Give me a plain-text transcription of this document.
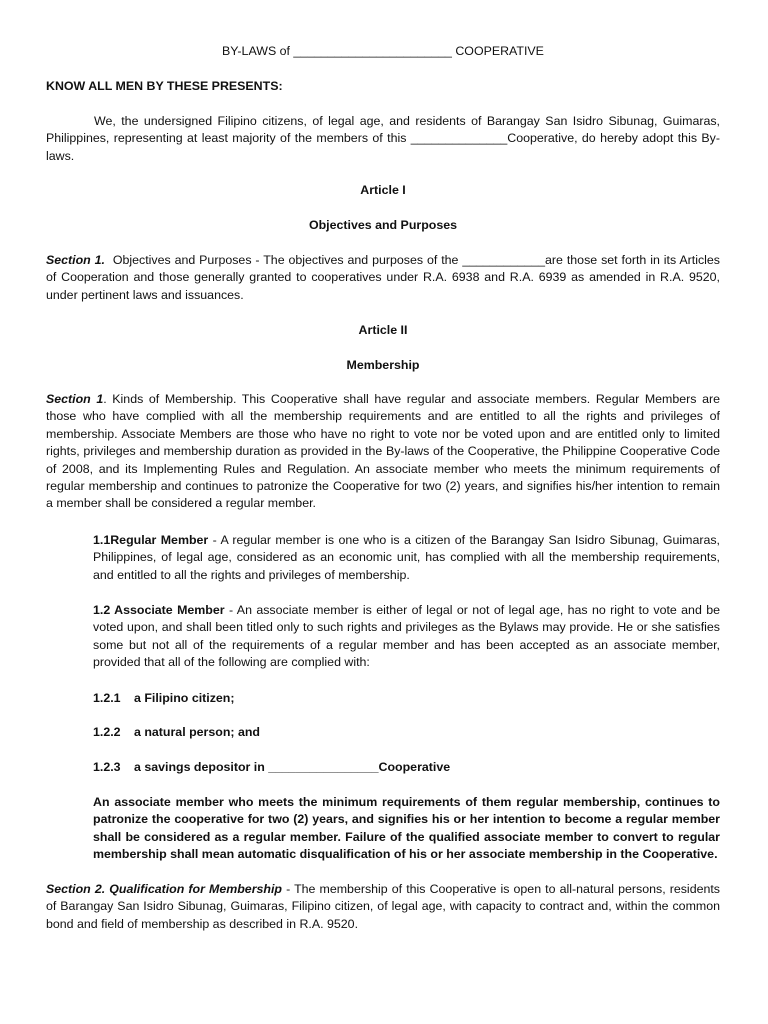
BY-LAWS of _______________________ COOPERATIVE

KNOW ALL MEN BY THESE PRESENTS:

We, the undersigned Filipino citizens, of legal age, and residents of Barangay San Isidro Sibunag, Guimaras, Philippines, representing at least majority of the members of this ______________Cooperative, do hereby adopt this By-laws.

Article I

Objectives and Purposes

Section 1. Objectives and Purposes - The objectives and purposes of the ____________are those set forth in its Articles of Cooperation and those generally granted to cooperatives under R.A. 6938 and R.A. 6939 as amended in R.A. 9520, under pertinent laws and issuances.

Article II

Membership

Section 1. Kinds of Membership. This Cooperative shall have regular and associate members. Regular Members are those who have complied with all the membership requirements and are entitled to all the rights and privileges of membership. Associate Members are those who have no right to vote nor be voted upon and are entitled only to limited rights, privileges and membership duration as provided in the By-laws of the Cooperative, the Philippine Cooperative Code of 2008, and its Implementing Rules and Regulation. An associate member who meets the minimum requirements of regular membership and continues to patronize the Cooperative for two (2) years, and signifies his/her intention to remain a member shall be considered a regular member.

1.1Regular Member - A regular member is one who is a citizen of the Barangay San Isidro Sibunag, Guimaras, Philippines, of legal age, considered as an economic unit, has complied with all the membership requirements, and entitled to all the rights and privileges of membership.

1.2 Associate Member - An associate member is either of legal or not of legal age, has no right to vote and be voted upon, and shall been titled only to such rights and privileges as the Bylaws may provide. He or she satisfies some but not all of the requirements of a regular member and has been accepted as an associate member, provided that all of the following are complied with:

1.2.1 a Filipino citizen;
1.2.2 a natural person; and
1.2.3 a savings depositor in ________________Cooperative

An associate member who meets the minimum requirements of them regular membership, continues to patronize the cooperative for two (2) years, and signifies his or her intention to become a regular member shall be considered as a regular member. Failure of the qualified associate member to convert to regular membership shall mean automatic disqualification of his or her associate membership in the Cooperative.

Section 2. Qualification for Membership - The membership of this Cooperative is open to all-natural persons, residents of Barangay San Isidro Sibunag, Guimaras, Filipino citizen, of legal age, with capacity to contract and, within the common bond and field of membership as described in R.A. 9520.
